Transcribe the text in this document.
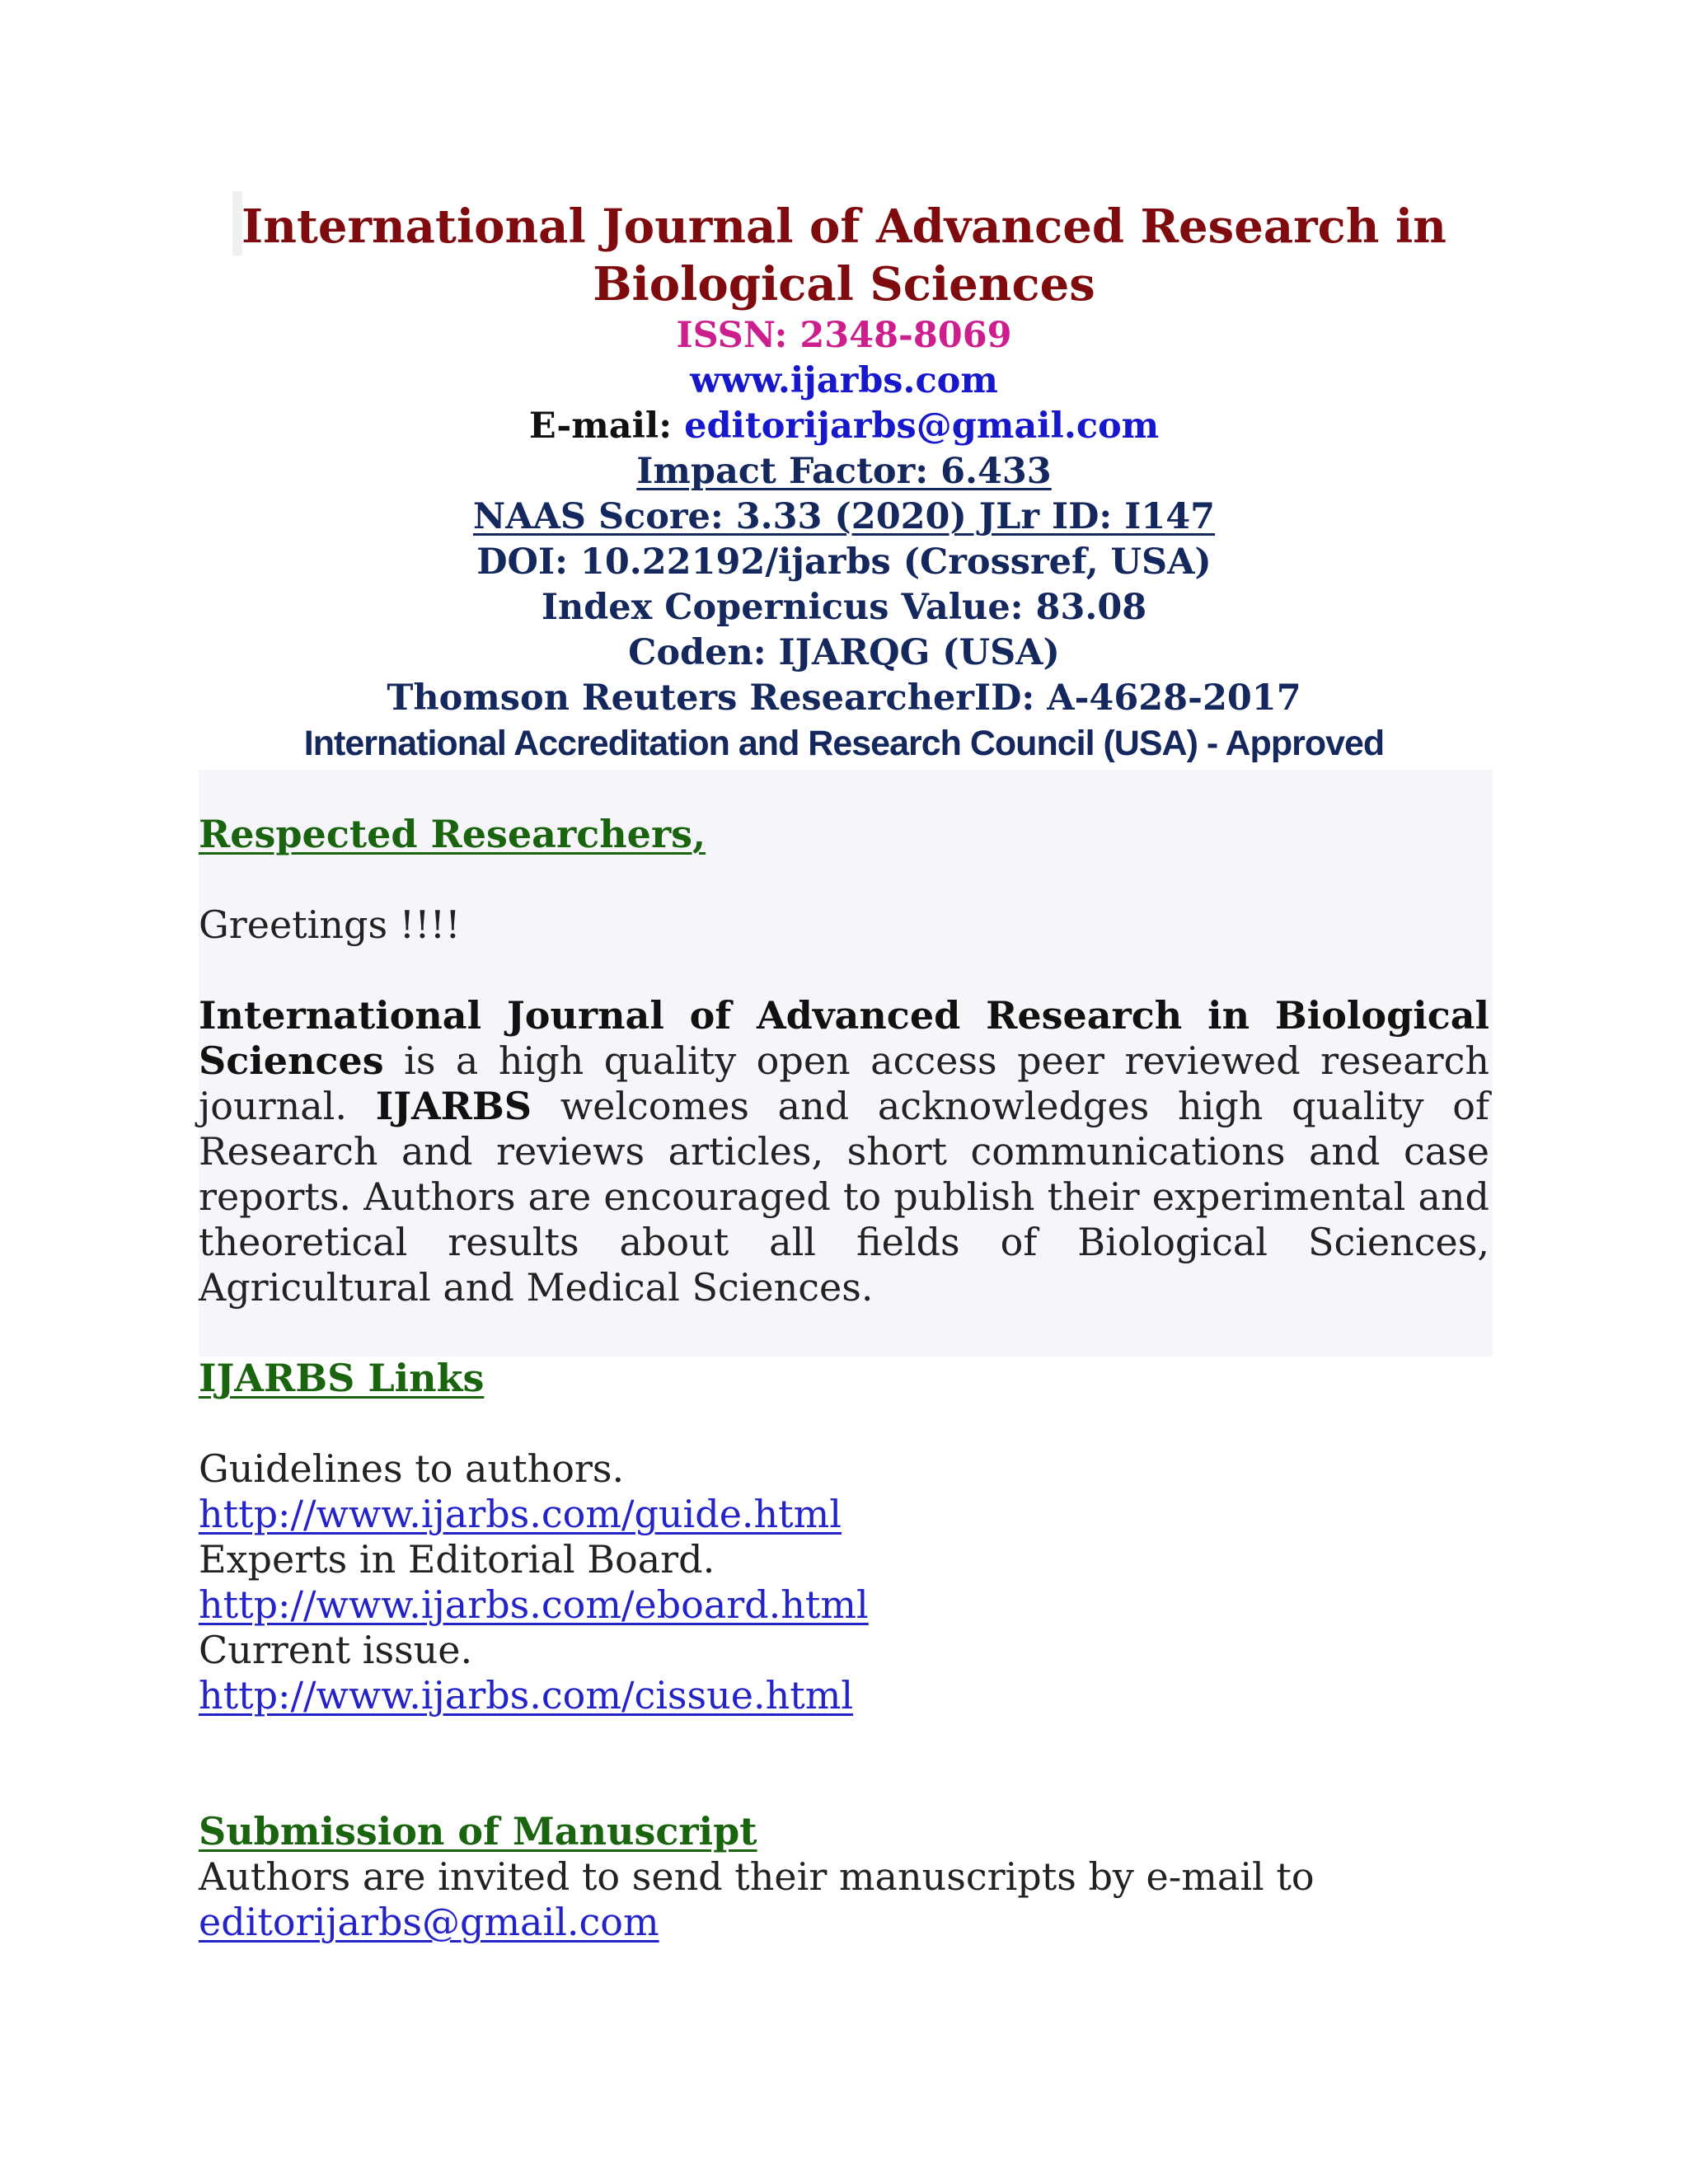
International Journal of Advanced Research in

Biological Sciences

ISSN: 2348-8069

www.ijarbs.com

E-mail: editorijarbs@gmail.com

Impact Factor: 6.433

NAAS Score: 3.33 (2020) JLr ID: I147

DOI: 10.22192/ijarbs (Crossref, USA)

Index Copernicus Value: 83.08

Coden: IJARQG (USA)

Thomson Reuters ResearcherID: A-4628-2017

International Accreditation and Research Council (USA) - Approved

Respected Researchers,

Greetings !!!!

International Journal of Advanced Research in Biological Sciences is a high quality open access peer reviewed research journal. IJARBS welcomes and acknowledges high quality of Research and reviews articles, short communications and case reports. Authors are encouraged to publish their experimental and theoretical results about all fields of Biological Sciences, Agricultural and Medical Sciences.

IJARBS Links

Guidelines to authors.

http://www.ijarbs.com/guide.html

Experts in Editorial Board.

http://www.ijarbs.com/eboard.html

Current issue.

http://www.ijarbs.com/cissue.html

Submission of Manuscript

Authors are invited to send their manuscripts by e-mail to

editorijarbs@gmail.com
